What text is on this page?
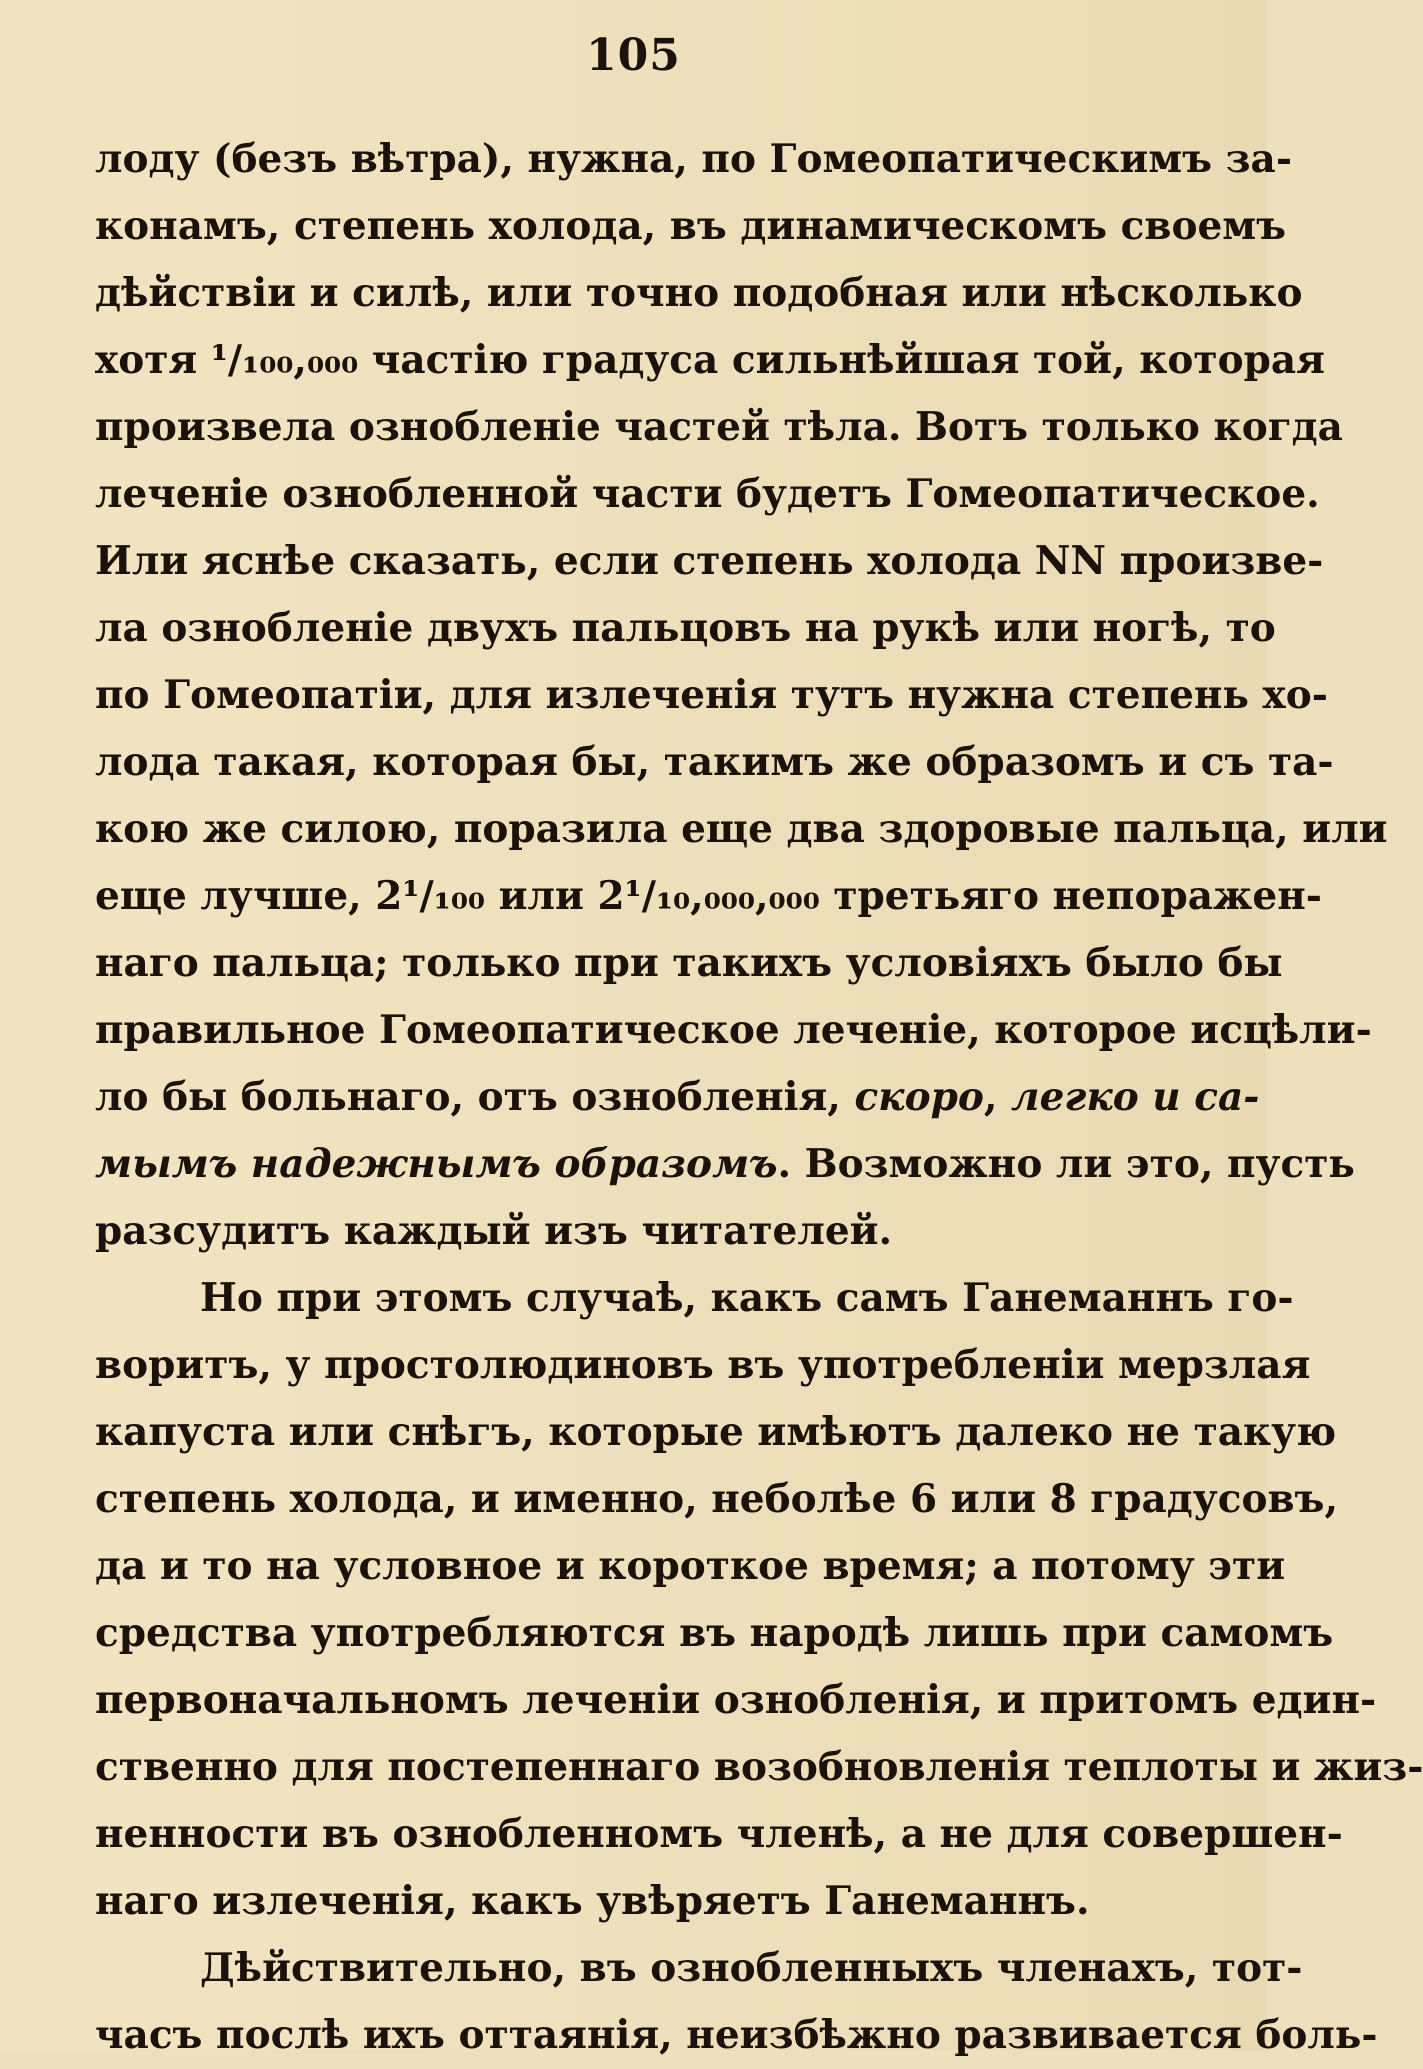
105
лоду (безъ вѣтра), нужна, по Гомеопатическимъ за-
конамъ, степень холода, въ динамическомъ своемъ
дѣйствіи и силѣ, или точно подобная или нѣсколько
хотя ¹/₁₀₀,₀₀₀ частію градуса сильнѣйшая той, которая
произвела ознобленіе частей тѣла. Вотъ только когда
леченіе ознобленной части будетъ Гомеопатическое.
Или яснѣе сказать, если степень холода NN произве-
ла ознобленіе двухъ пальцовъ на рукѣ или ногѣ, то
по Гомеопатіи, для излеченія тутъ нужна степень хо-
лода такая, которая бы, такимъ же образомъ и съ та-
кою же силою, поразила еще два здоровые пальца, или
еще лучше, 2¹/₁₀₀ или 2¹/₁₀,₀₀₀,₀₀₀ третьяго непоражен-
наго пальца; только при такихъ условіяхъ было бы
правильное Гомеопатическое леченіе, которое исцѣли-
ло бы больнаго, отъ ознобленія, скоро, легко и са-
мымъ надежнымъ образомъ. Возможно ли это, пусть
разсудитъ каждый изъ читателей.
Но при этомъ случаѣ, какъ самъ Ганеманнъ го-
воритъ, у простолюдиновъ въ употребленіи мерзлая
капуста или снѣгъ, которые имѣютъ далеко не такую
степень холода, и именно, неболѣе 6 или 8 градусовъ,
да и то на условное и короткое время; а потому эти
средства употребляются въ народѣ лишь при самомъ
первоначальномъ леченіи ознобленія, и притомъ един-
ственно для постепеннаго возобновленія теплоты и жиз-
ненности въ ознобленномъ членѣ, а не для совершен-
наго излеченія, какъ увѣряетъ Ганеманнъ.
Дѣйствительно, въ ознобленныхъ членахъ, тот-
часъ послѣ ихъ оттаянія, неизбѣжно развивается боль-
